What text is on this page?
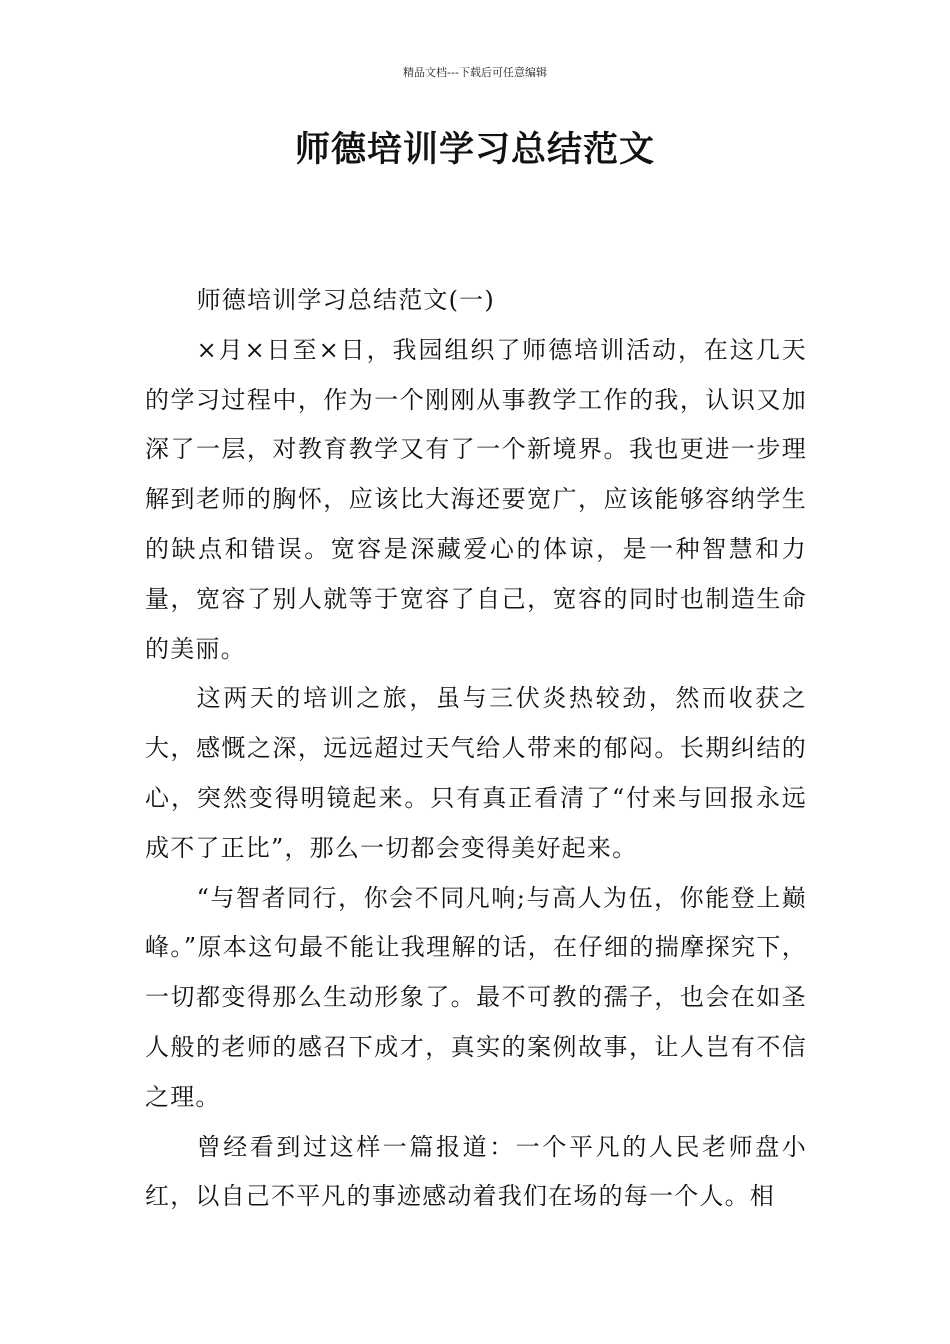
精品文档---下载后可任意编辑
师德培训学习总结范文

师德培训学习总结范文(一)

×月×日至×日，我园组织了师德培训活动，在这几天的学习过程中，作为一个刚刚从事教学工作的我，认识又加深了一层，对教育教学又有了一个新境界。我也更进一步理解到老师的胸怀，应该比大海还要宽广，应该能够容纳学生的缺点和错误。宽容是深藏爱心的体谅，是一种智慧和力量，宽容了别人就等于宽容了自己，宽容的同时也制造生命的美丽。

这两天的培训之旅，虽与三伏炎热较劲，然而收获之大，感慨之深，远远超过天气给人带来的郁闷。长期纠结的心，突然变得明镜起来。只有真正看清了“付来与回报永远成不了正比”，那么一切都会变得美好起来。

“与智者同行，你会不同凡响;与高人为伍，你能登上巅峰。”原本这句最不能让我理解的话，在仔细的揣摩探究下，一切都变得那么生动形象了。最不可教的孺子，也会在如圣人般的老师的感召下成才，真实的案例故事，让人岂有不信之理。

曾经看到过这样一篇报道：一个平凡的人民老师盘小红，以自己不平凡的事迹感动着我们在场的每一个人。相
